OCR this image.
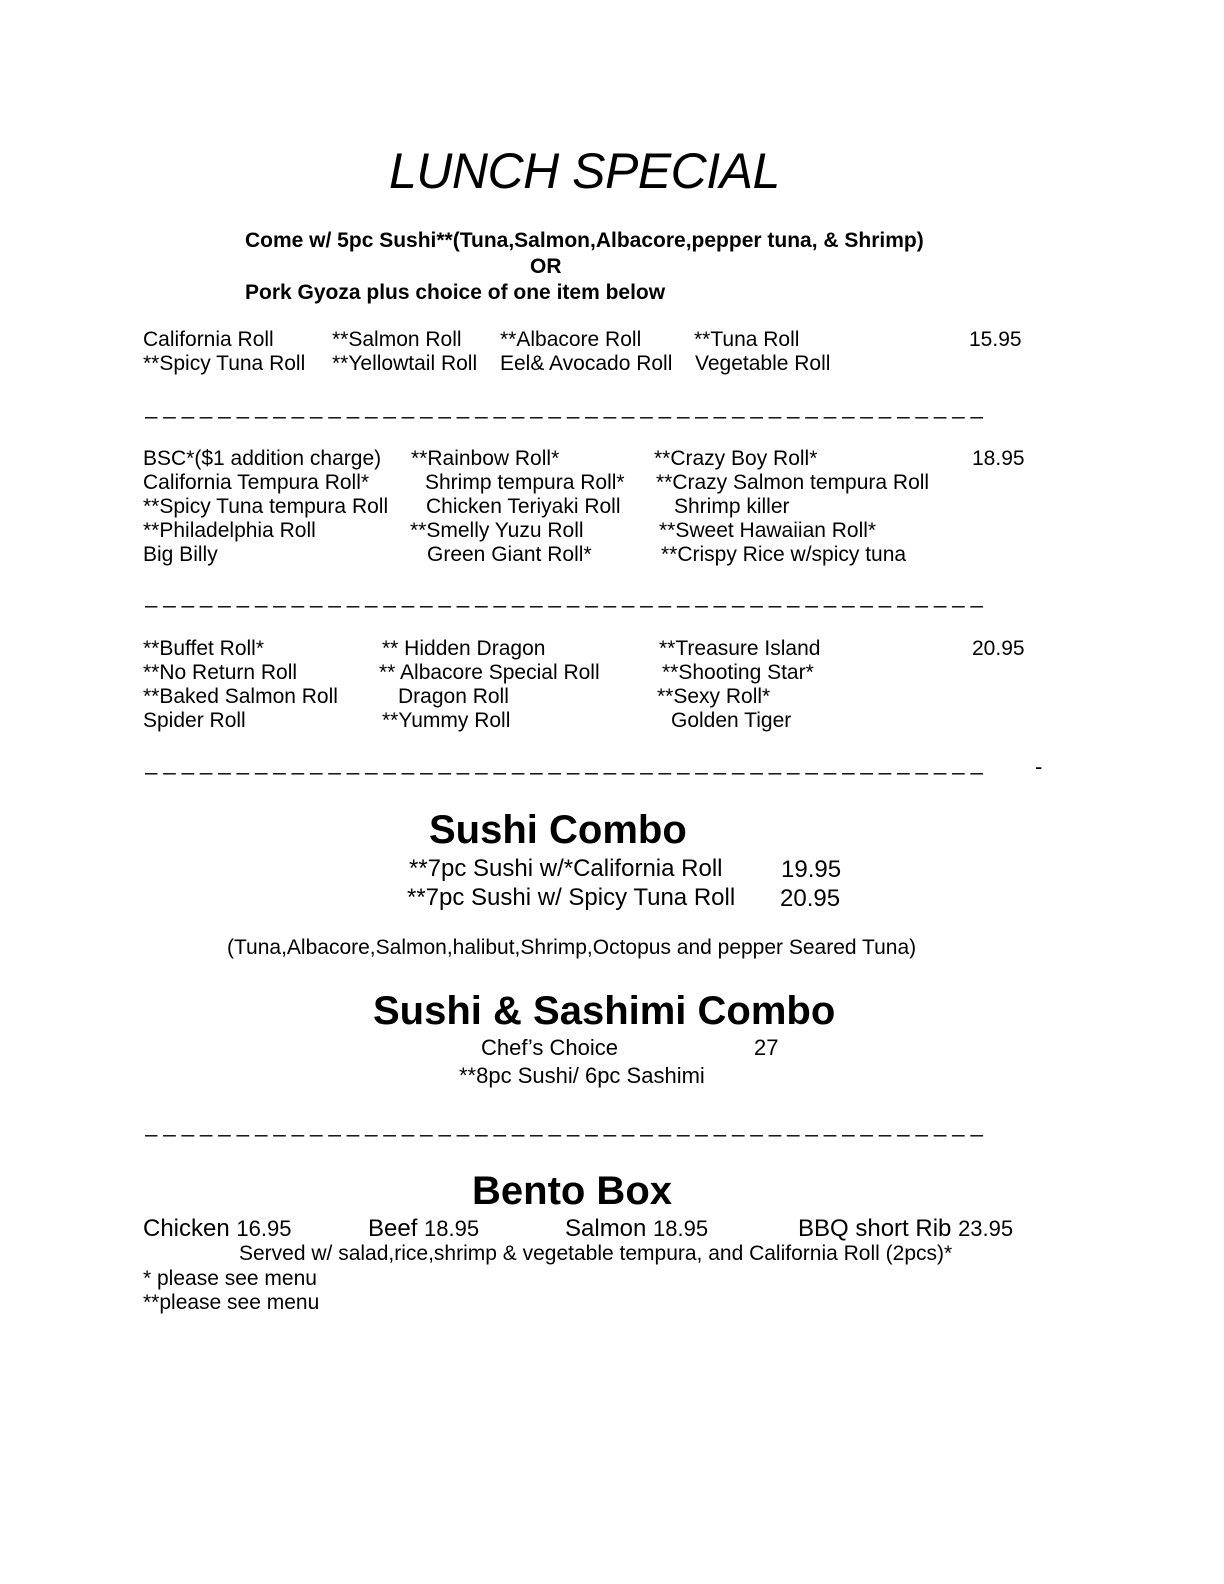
LUNCH SPECIAL
Come w/ 5pc Sushi**(Tuna,Salmon,Albacore,pepper tuna, & Shrimp)
OR
Pork Gyoza plus choice of one item below
California Roll	**Salmon Roll **Albacore Roll	**Tuna Roll	15.95
**Spicy Tuna Roll **Yellowtail Roll Eel& Avocado Roll Vegetable Roll
_ _ _ _ _ _ _ _ _ _ _ _ _ _ _ _ _ _ _ _ _ _ _ _ _ _ _ _ _ _ _ _ _ _ _ _ _ _ _ _ _ _ _ _ _ _
BSC*($1 addition charge) **Rainbow Roll*	**Crazy Boy Roll*	18.95
California Tempura Roll*	Shrimp tempura Roll* **Crazy Salmon tempura Roll
**Spicy Tuna tempura Roll Chicken Teriyaki Roll	Shrimp killer
**Philadelphia Roll	**Smelly Yuzu Roll	**Sweet Hawaiian Roll*
Big Billy	Green Giant Roll*	**Crispy Rice w/spicy tuna
_ _ _ _ _ _ _ _ _ _ _ _ _ _ _ _ _ _ _ _ _ _ _ _ _ _ _ _ _ _ _ _ _ _ _ _ _ _ _ _ _ _ _ _ _ _
**Buffet Roll*	** Hidden Dragon	**Treasure Island	20.95
**No Return Roll	** Albacore Special Roll	**Shooting Star*
**Baked Salmon Roll	Dragon Roll	**Sexy Roll*
Spider Roll	**Yummy Roll	Golden Tiger
_ _ _ _ _ _ _ _ _ _ _ _ _ _ _ _ _ _ _ _ _ _ _ _ _ _ _ _ _ _ _ _ _ _ _ _ _ _ _ _ _ _ _ _ _ _	-
Sushi Combo
**7pc Sushi w/*California Roll 19.95
**7pc Sushi w/ Spicy Tuna Roll 20.95
(Tuna,Albacore,Salmon,halibut,Shrimp,Octopus and pepper Seared Tuna)
Sushi & Sashimi Combo
Chef’s Choice	27
**8pc Sushi/ 6pc Sashimi
_ _ _ _ _ _ _ _ _ _ _ _ _ _ _ _ _ _ _ _ _ _ _ _ _ _ _ _ _ _ _ _ _ _ _ _ _ _ _ _ _ _ _ _ _ _
Bento Box
Chicken 16.95	Beef 18.95	Salmon 18.95	BBQ short Rib 23.95
Served w/ salad,rice,shrimp & vegetable tempura, and California Roll (2pcs)*
* please see menu
**please see menu
